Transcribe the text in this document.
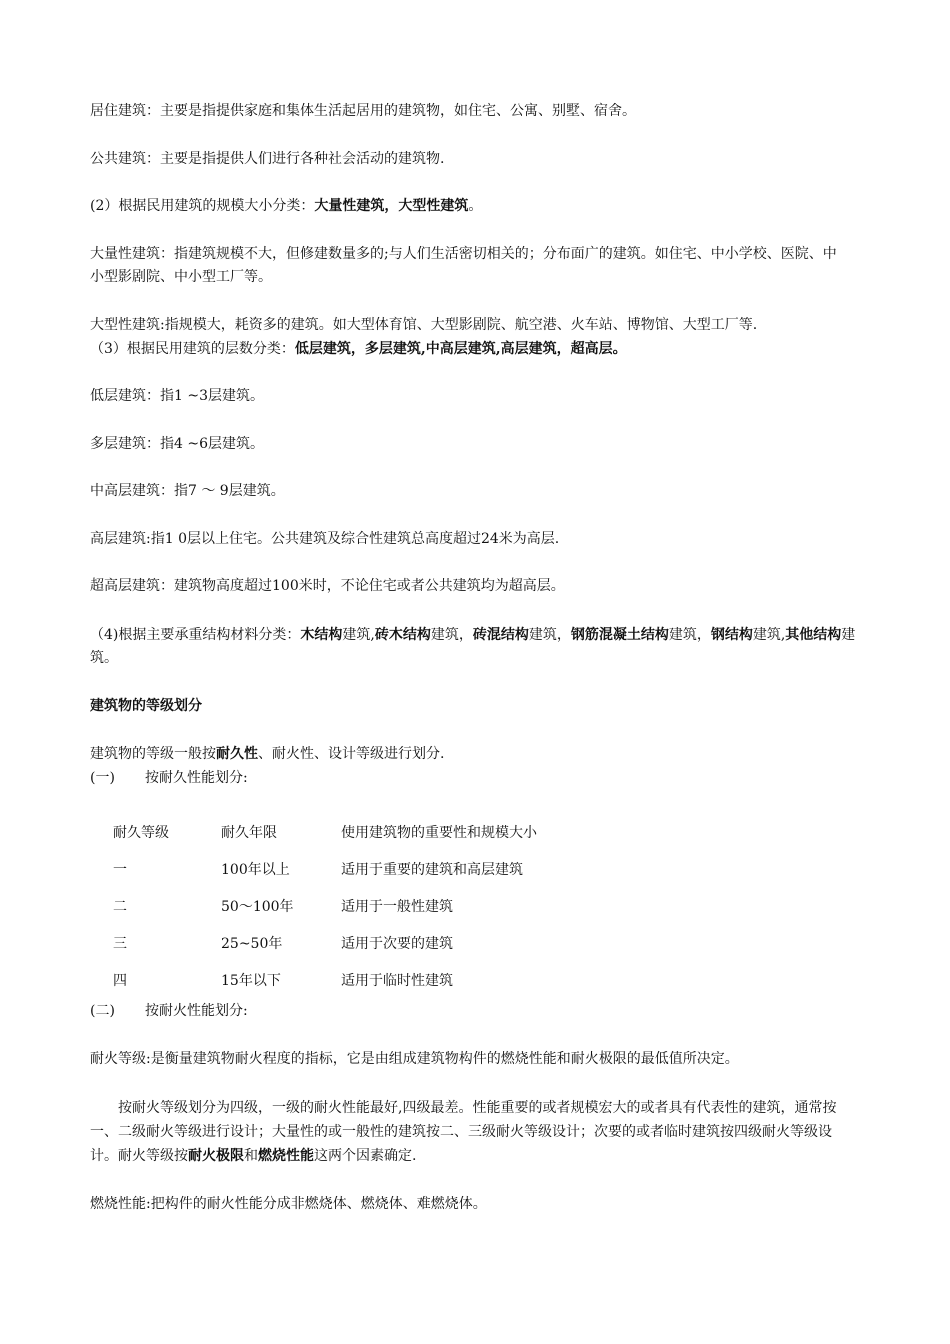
居住建筑：主要是指提供家庭和集体生活起居用的建筑物，如住宅、公寓、别墅、宿舍。
公共建筑：主要是指提供人们进行各种社会活动的建筑物.
(2）根据民用建筑的规模大小分类：大量性建筑，大型性建筑。
大量性建筑：指建筑规模不大，但修建数量多的;与人们生活密切相关的；分布面广的建筑。如住宅、中小学校、医院、中
小型影剧院、中小型工厂等。
大型性建筑:指规模大，耗资多的建筑。如大型体育馆、大型影剧院、航空港、火车站、博物馆、大型工厂等.
（3）根据民用建筑的层数分类：低层建筑，多层建筑,中高层建筑,高层建筑，超高层。
低层建筑：指1 ~3层建筑。
多层建筑：指4 ~6层建筑。
中高层建筑：指7 ～ 9层建筑。
高层建筑:指1 0层以上住宅。公共建筑及综合性建筑总高度超过24米为高层.
超高层建筑：建筑物高度超过100米时，不论住宅或者公共建筑均为超高层。
（4)根据主要承重结构材料分类：木结构建筑,砖木结构建筑，砖混结构建筑，钢筋混凝土结构建筑，钢结构建筑,其他结构建筑。
建筑物的等级划分
建筑物的等级一般按耐久性、耐火性、设计等级进行划分.
(一) 按耐久性能划分:
耐久等级	耐久年限	使用建筑物的重要性和规模大小
一	100年以上	适用于重要的建筑和高层建筑
二	50～100年	适用于一般性建筑
三	25~50年	适用于次要的建筑
四	15年以下	适用于临时性建筑
(二) 按耐火性能划分:
耐火等级:是衡量建筑物耐火程度的指标，它是由组成建筑物构件的燃烧性能和耐火极限的最低值所决定。
按耐火等级划分为四级，一级的耐火性能最好,四级最差。性能重要的或者规模宏大的或者具有代表性的建筑，通常按
一、二级耐火等级进行设计；大量性的或一般性的建筑按二、三级耐火等级设计；次要的或者临时建筑按四级耐火等级设
计。耐火等级按耐火极限和燃烧性能这两个因素确定.
燃烧性能:把构件的耐火性能分成非燃烧体、燃烧体、难燃烧体。
